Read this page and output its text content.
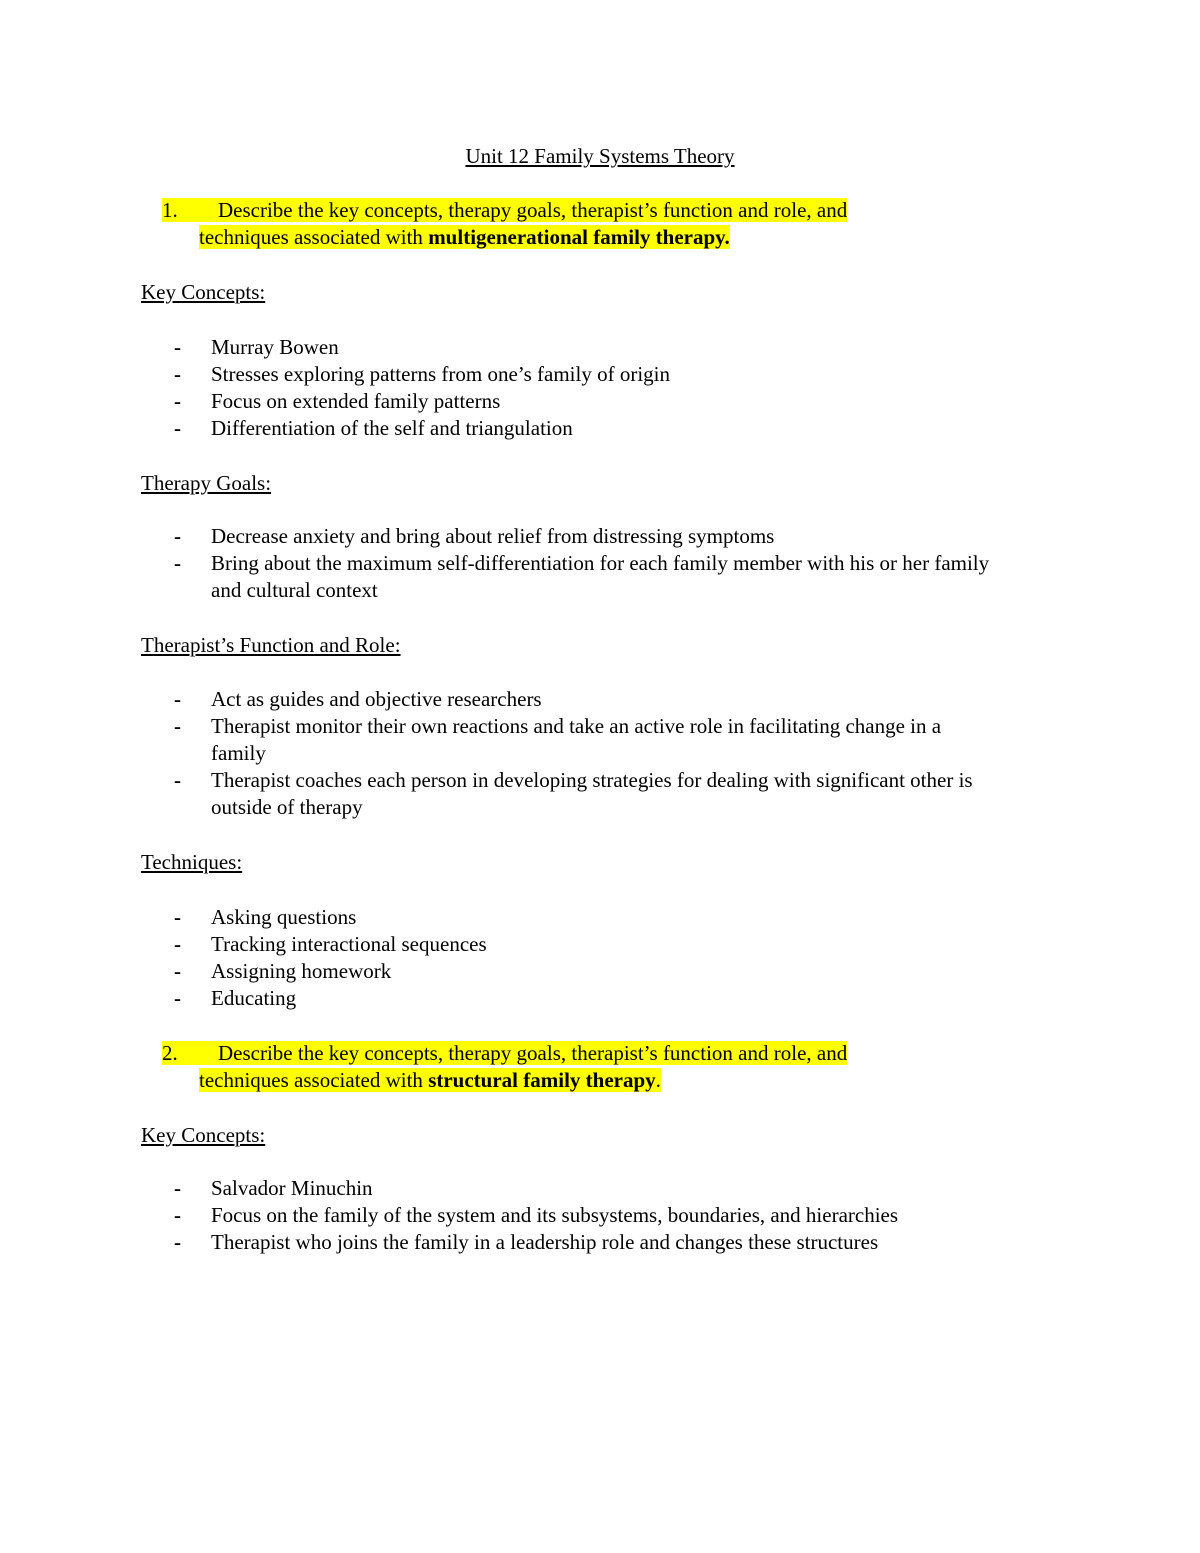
Unit 12 Family Systems Theory
1. Describe the key concepts, therapy goals, therapist’s function and role, and
techniques associated with multigenerational family therapy.
Key Concepts:
- Murray Bowen
- Stresses exploring patterns from one’s family of origin
- Focus on extended family patterns
- Differentiation of the self and triangulation
Therapy Goals:
- Decrease anxiety and bring about relief from distressing symptoms
- Bring about the maximum self-differentiation for each family member with his or her family and cultural context
Therapist’s Function and Role:
- Act as guides and objective researchers
- Therapist monitor their own reactions and take an active role in facilitating change in a family
- Therapist coaches each person in developing strategies for dealing with significant other is outside of therapy
Techniques:
- Asking questions
- Tracking interactional sequences
- Assigning homework
- Educating
2. Describe the key concepts, therapy goals, therapist’s function and role, and
techniques associated with structural family therapy.
Key Concepts:
- Salvador Minuchin
- Focus on the family of the system and its subsystems, boundaries, and hierarchies
- Therapist who joins the family in a leadership role and changes these structures
